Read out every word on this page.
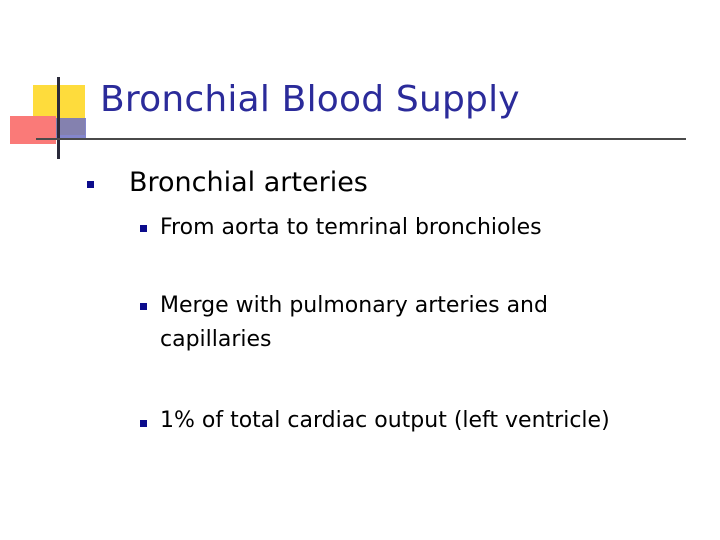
Bronchial Blood Supply
Bronchial arteries
From aorta to temrinal bronchioles
Merge with pulmonary arteries and
capillaries
1% of total cardiac output (left ventricle)
